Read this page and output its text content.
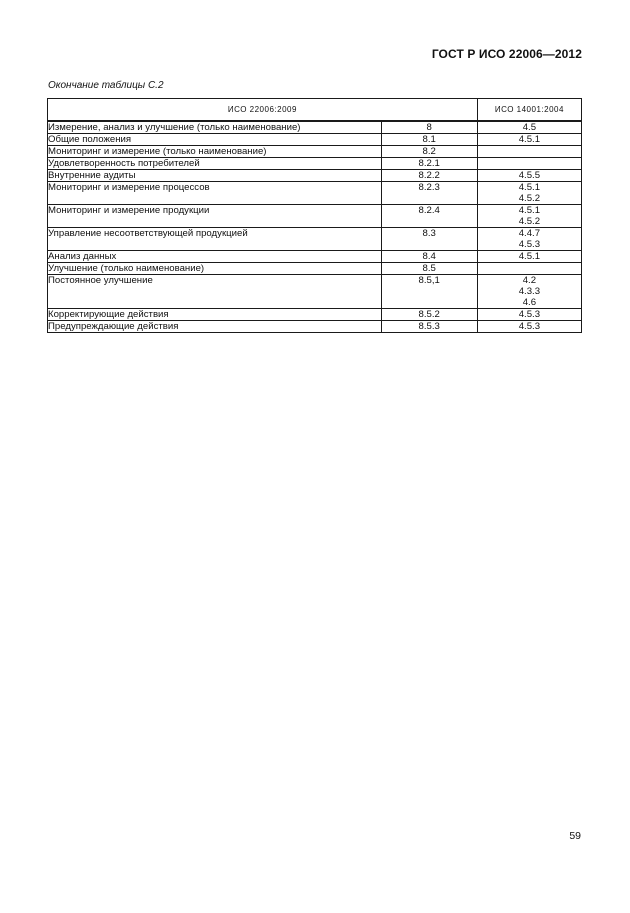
ГОСТ Р ИСО 22006—2012
Окончание таблицы С.2
ИСО 22006:2009		ИСО 14001:2004
Измерение, анализ и улучшение (только наименование)	8	4.5

Общие положения	8.1	4.5.1

Мониторинг и измерение (только наименование)	8.2	
Удовлетворенность потребителей	8.2.1	
Внутренние аудиты	8.2.2	4.5.5

Мониторинг и измерение процессов	8.2.3	4.5.1
4.5.2

Мониторинг и измерение продукции	8.2.4	4.5.1
4.5.2

Управление несоответствующей продукцией	8.3	4.4.7
4.5.3

Анализ данных	8.4	4.5.1

Улучшение (только наименование)	8.5	
Постоянное улучшение	8.5,1	4.2
4.3.3
4.6

Корректирующие действия	8.5.2	4.5.3

Предупреждающие действия	8.5.3	4.5.3
59
